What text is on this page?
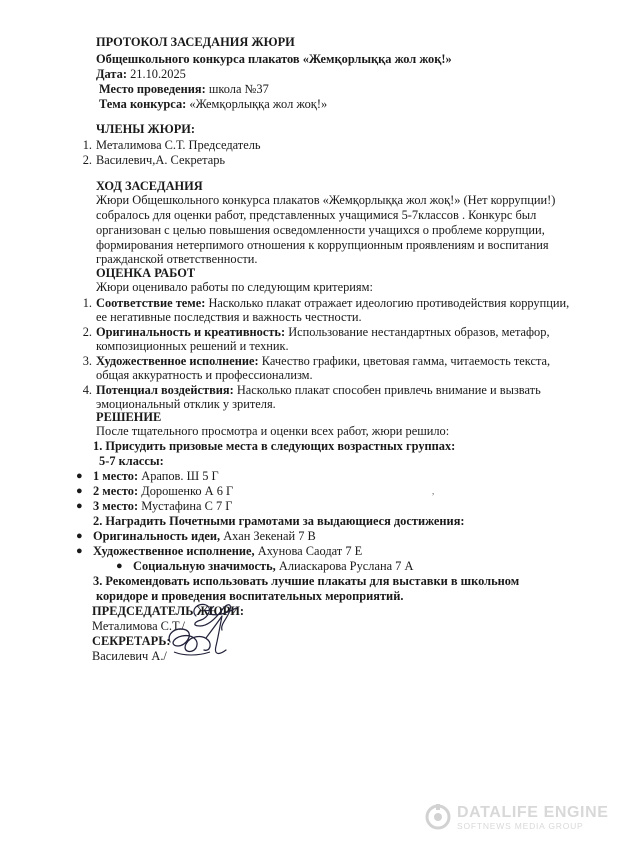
ПРОТОКОЛ ЗАСЕДАНИЯ ЖЮРИ
Общешкольного конкурса плакатов «Жемқорлыққа жол жоқ!»
Дата: 21.10.2025
Место проведения: школа №37
Тема конкурса: «Жемқорлыққа жол жоқ!»
ЧЛЕНЫ ЖЮРИ:
1. Металимова С.Т. Председатель
2. Василевич,А. Секретарь
ХОД ЗАСЕДАНИЯ
Жюри Общешкольного конкурса плакатов «Жемқорлыққа жол жоқ!» (Нет коррупции!)
собралось для оценки работ, представленных учащимися 5-7классов . Конкурс был
организован с целью повышения осведомленности учащихся о проблеме коррупции,
формирования нетерпимого отношения к коррупционным проявлениям и воспитания
гражданской ответственности.
ОЦЕНКА РАБОТ
Жюри оценивало работы по следующим критериям:
1. Соответствие теме: Насколько плакат отражает идеологию противодействия коррупции,
ее негативные последствия и важность честности.
2. Оригинальность и креативность: Использование нестандартных образов, метафор,
композиционных решений и техник.
3. Художественное исполнение: Качество графики, цветовая гамма, читаемость текста,
общая аккуратность и профессионализм.
4. Потенциал воздействия: Насколько плакат способен привлечь внимание и вызвать
эмоциональный отклик у зрителя.
РЕШЕНИЕ
После тщательного просмотра и оценки всех работ, жюри решило:
1. Присудить призовые места в следующих возрастных группах:
5-7 классы:
● 1 место: Арапов. Ш 5 Г
● 2 место: Дорошенко А 6 Г
● 3 место: Мустафина С 7 Г
2. Наградить Почетными грамотами за выдающиеся достижения:
● Оригинальность идеи, Ахан Зекенай 7 В
● Художественное исполнение, Ахунова Саодат 7 Е
● Социальную значимость, Алиаскарова Руслана 7 А
3. Рекомендовать использовать лучшие плакаты для выставки в школьном
коридоре и проведения воспитательных мероприятий.
ПРЕДСЕДАТЕЛЬ ЖЮРИ:
Металимова С.Т./
СЕКРЕТАРЬ:
Василевич А./
,
DATALIFE ENGINE
SOFTNEWS MEDIA GROUP
